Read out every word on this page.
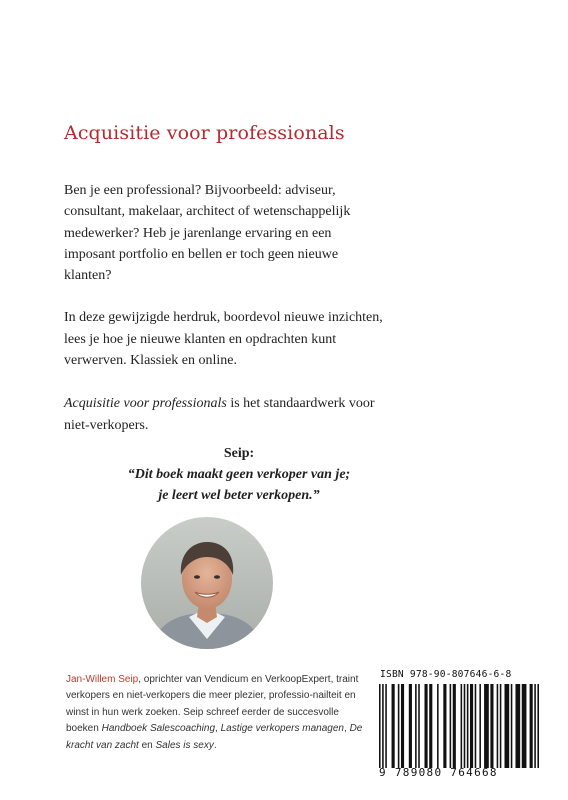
Acquisitie voor professionals

Ben je een professional? Bijvoorbeeld: adviseur, consultant, makelaar, architect of wetenschappelijk medewerker? Heb je jarenlange ervaring en een imposant portfolio en bellen er toch geen nieuwe klanten?

In deze gewijzigde herdruk, boordevol nieuwe inzichten, lees je hoe je nieuwe klanten en opdrachten kunt verwerven. Klassiek en online.

Acquisitie voor professionals is het standaardwerk voor niet-verkopers.

Seip:
“Dit boek maakt geen verkoper van je;
je leert wel beter verkopen.”
Jan-Willem Seip, oprichter van Vendicum en VerkoopExpert, traint verkopers en niet-verkopers die meer plezier, professio-nailteit en winst in hun werk zoeken. Seip schreef eerder de succesvolle boeken Handboek Salescoaching, Lastige verkopers managen, De kracht van zacht en Sales is sexy.
ISBN 978-90-807646-6-8
9 789080 764668
